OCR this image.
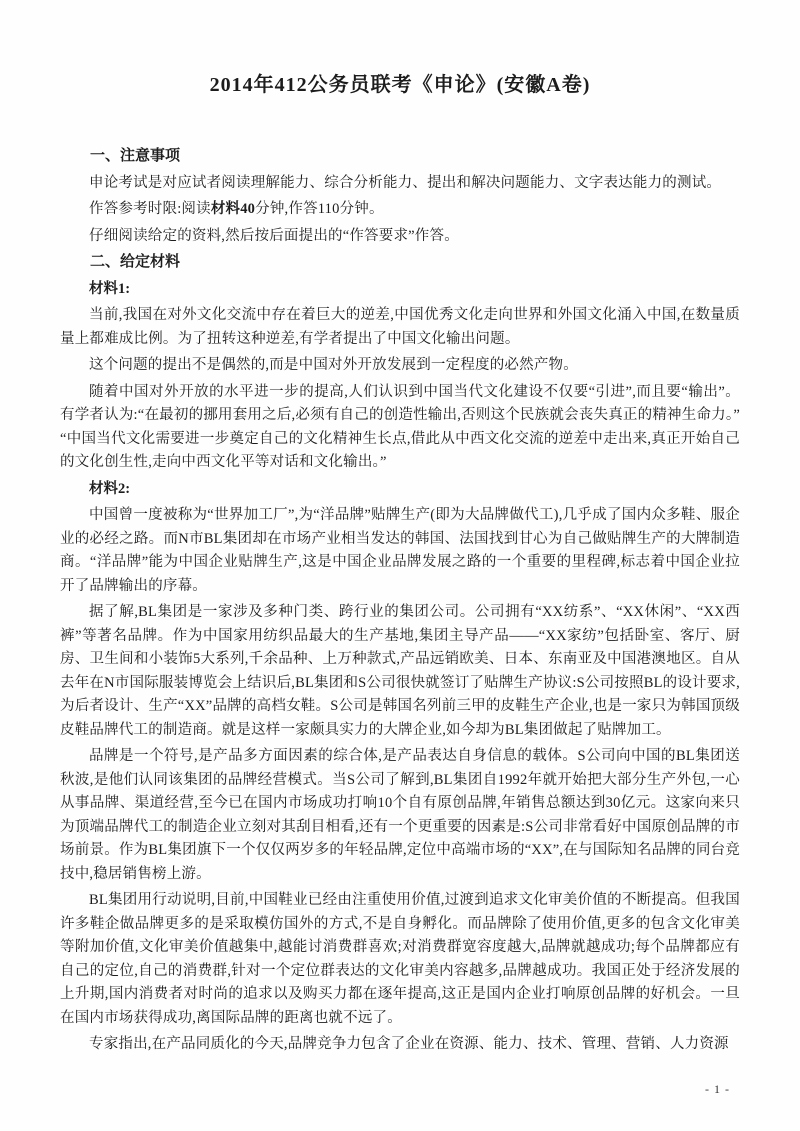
2014年412公务员联考《申论》(安徽A卷)
一、注意事项

申论考试是对应试者阅读理解能力、综合分析能力、提出和解决问题能力、文字表达能力的测试。

作答参考时限:阅读材料40分钟,作答110分钟。

仔细阅读给定的资料,然后按后面提出的“作答要求”作答。

二、给定材料
材料1:

当前,我国在对外文化交流中存在着巨大的逆差,中国优秀文化走向世界和外国文化涌入中国,在数量质量上都难成比例。为了扭转这种逆差,有学者提出了中国文化输出问题。

这个问题的提出不是偶然的,而是中国对外开放发展到一定程度的必然产物。

随着中国对外开放的水平进一步的提高,人们认识到中国当代文化建设不仅要“引进”,而且要“输出”。有学者认为:“在最初的挪用套用之后,必须有自己的创造性输出,否则这个民族就会丧失真正的精神生命力。”“中国当代文化需要进一步奠定自己的文化精神生长点,借此从中西文化交流的逆差中走出来,真正开始自己的文化创生性,走向中西文化平等对话和文化输出。”

材料2:

中国曾一度被称为“世界加工厂”,为“洋品牌”贴牌生产(即为大品牌做代工),几乎成了国内众多鞋、服企业的必经之路。而N市BL集团却在市场产业相当发达的韩国、法国找到甘心为自己做贴牌生产的大牌制造商。“洋品牌”能为中国企业贴牌生产,这是中国企业品牌发展之路的一个重要的里程碑,标志着中国企业拉开了品牌输出的序幕。

据了解,BL集团是一家涉及多种门类、跨行业的集团公司。公司拥有“XX纺系”、“XX休闲”、“XX西裤”等著名品牌。作为中国家用纺织品最大的生产基地,集团主导产品——“XX家纺”包括卧室、客厅、厨房、卫生间和小装饰5大系列,千余品种、上万种款式,产品远销欧美、日本、东南亚及中国港澳地区。自从去年在N市国际服装博览会上结识后,BL集团和S公司很快就签订了贴牌生产协议:S公司按照BL的设计要求,为后者设计、生产“XX”品牌的高档女鞋。S公司是韩国名列前三甲的皮鞋生产企业,也是一家只为韩国顶级皮鞋品牌代工的制造商。就是这样一家颇具实力的大牌企业,如今却为BL集团做起了贴牌加工。

品牌是一个符号,是产品多方面因素的综合体,是产品表达自身信息的载体。S公司向中国的BL集团送秋波,是他们认同该集团的品牌经营模式。当S公司了解到,BL集团自1992年就开始把大部分生产外包,一心从事品牌、渠道经营,至今已在国内市场成功打响10个自有原创品牌,年销售总额达到30亿元。这家向来只为顶端品牌代工的制造企业立刻对其刮目相看,还有一个更重要的因素是:S公司非常看好中国原创品牌的市场前景。作为BL集团旗下一个仅仅两岁多的年轻品牌,定位中高端市场的“XX”,在与国际知名品牌的同台竞技中,稳居销售榜上游。

BL集团用行动说明,目前,中国鞋业已经由注重使用价值,过渡到追求文化审美价值的不断提高。但我国许多鞋企做品牌更多的是采取模仿国外的方式,不是自身孵化。而品牌除了使用价值,更多的包含文化审美等附加价值,文化审美价值越集中,越能讨消费群喜欢;对消费群宽容度越大,品牌就越成功;每个品牌都应有自己的定位,自己的消费群,针对一个定位群表达的文化审美内容越多,品牌越成功。我国正处于经济发展的上升期,国内消费者对时尚的追求以及购买力都在逐年提高,这正是国内企业打响原创品牌的好机会。一旦在国内市场获得成功,离国际品牌的距离也就不远了。

专家指出,在产品同质化的今天,品牌竞争力包含了企业在资源、能力、技术、管理、营销、人力资源

- 1 -
